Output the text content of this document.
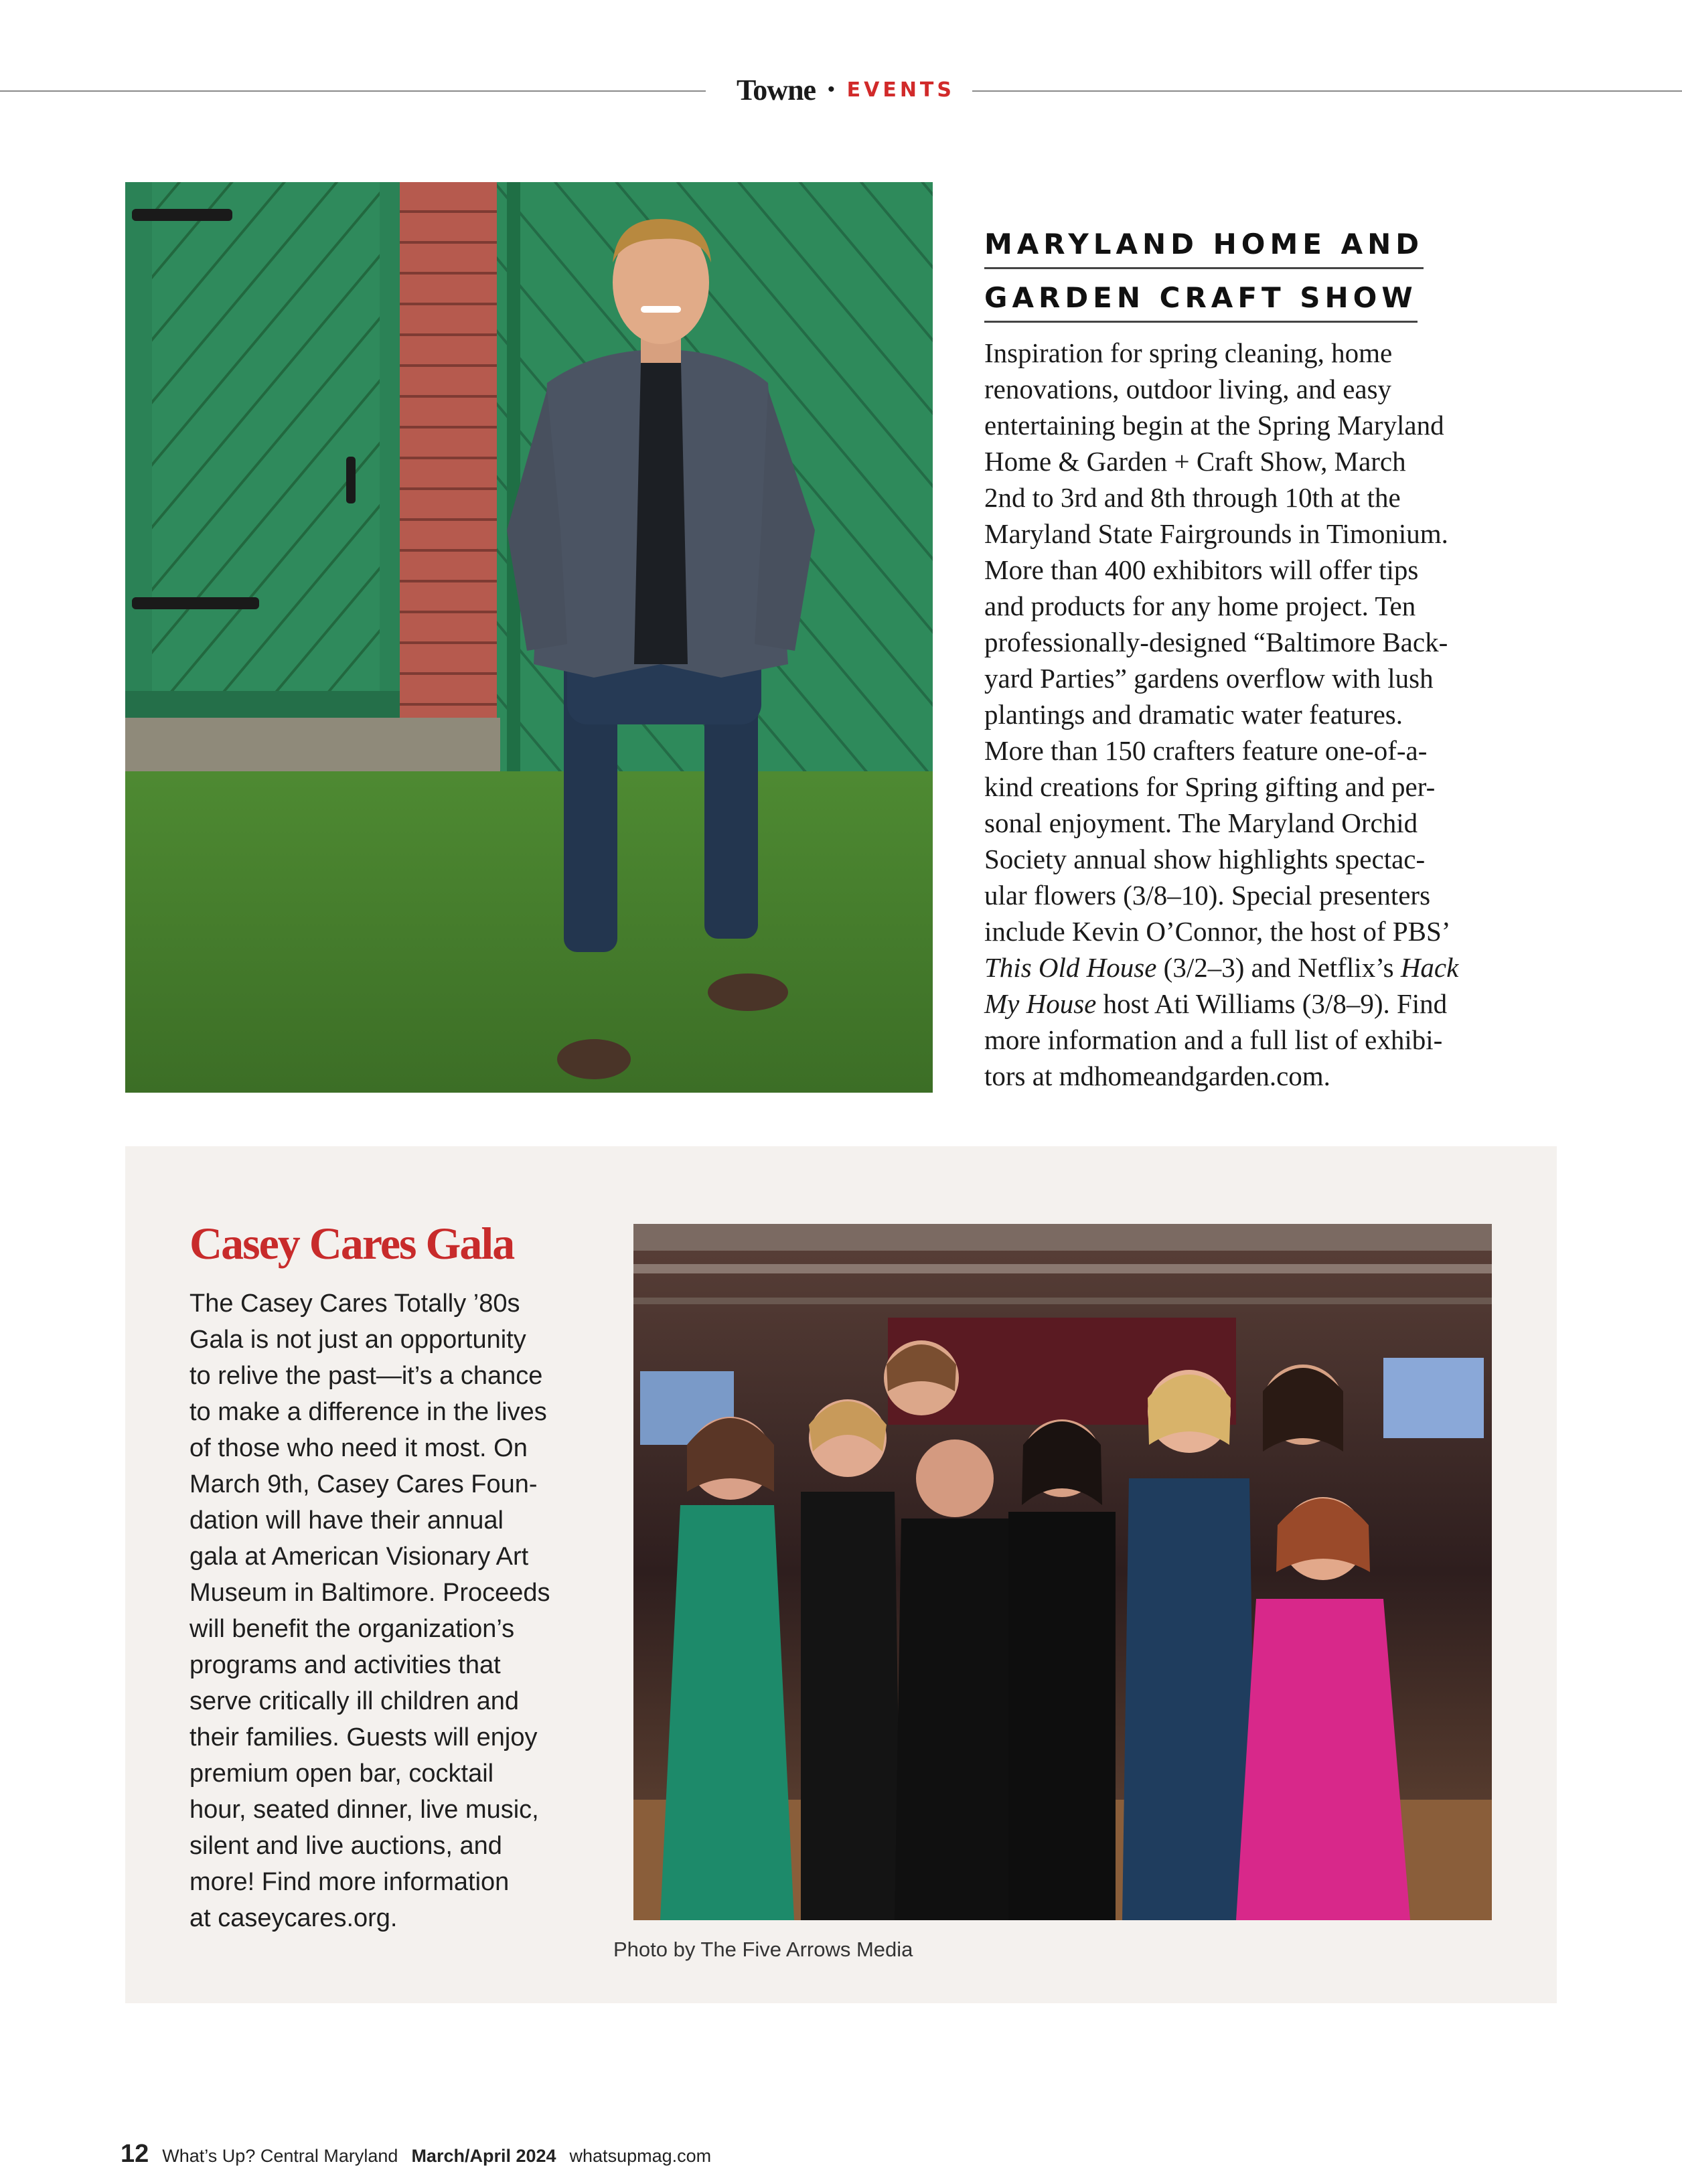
Towne • EVENTS
MARYLAND HOME AND
GARDEN CRAFT SHOW
Inspiration for spring cleaning, home
renovations, outdoor living, and easy
entertaining begin at the Spring Maryland
Home & Garden + Craft Show, March
2nd to 3rd and 8th through 10th at the
Maryland State Fairgrounds in Timonium.
More than 400 exhibitors will offer tips
and products for any home project. Ten
professionally-designed “Baltimore Back-
yard Parties” gardens overflow with lush
plantings and dramatic water features.
More than 150 crafters feature one-of-a-
kind creations for Spring gifting and per-
sonal enjoyment. The Maryland Orchid
Society annual show highlights spectac-
ular flowers (3/8–10). Special presenters
include Kevin O’Connor, the host of PBS’
This Old House (3/2–3) and Netflix’s Hack
My House host Ati Williams (3/8–9). Find
more information and a full list of exhibi-
tors at mdhomeandgarden.com.
Casey Cares Gala
The Casey Cares Totally ’80s
Gala is not just an opportunity
to relive the past—it’s a chance
to make a difference in the lives
of those who need it most. On
March 9th, Casey Cares Foun-
dation will have their annual
gala at American Visionary Art
Museum in Baltimore. Proceeds
will benefit the organization’s
programs and activities that
serve critically ill children and
their families. Guests will enjoy
premium open bar, cocktail
hour, seated dinner, live music,
silent and live auctions, and
more! Find more information
at caseycares.org.
Photo by The Five Arrows Media
12 What’s Up? Central Maryland March/April 2024 whatsupmag.com
